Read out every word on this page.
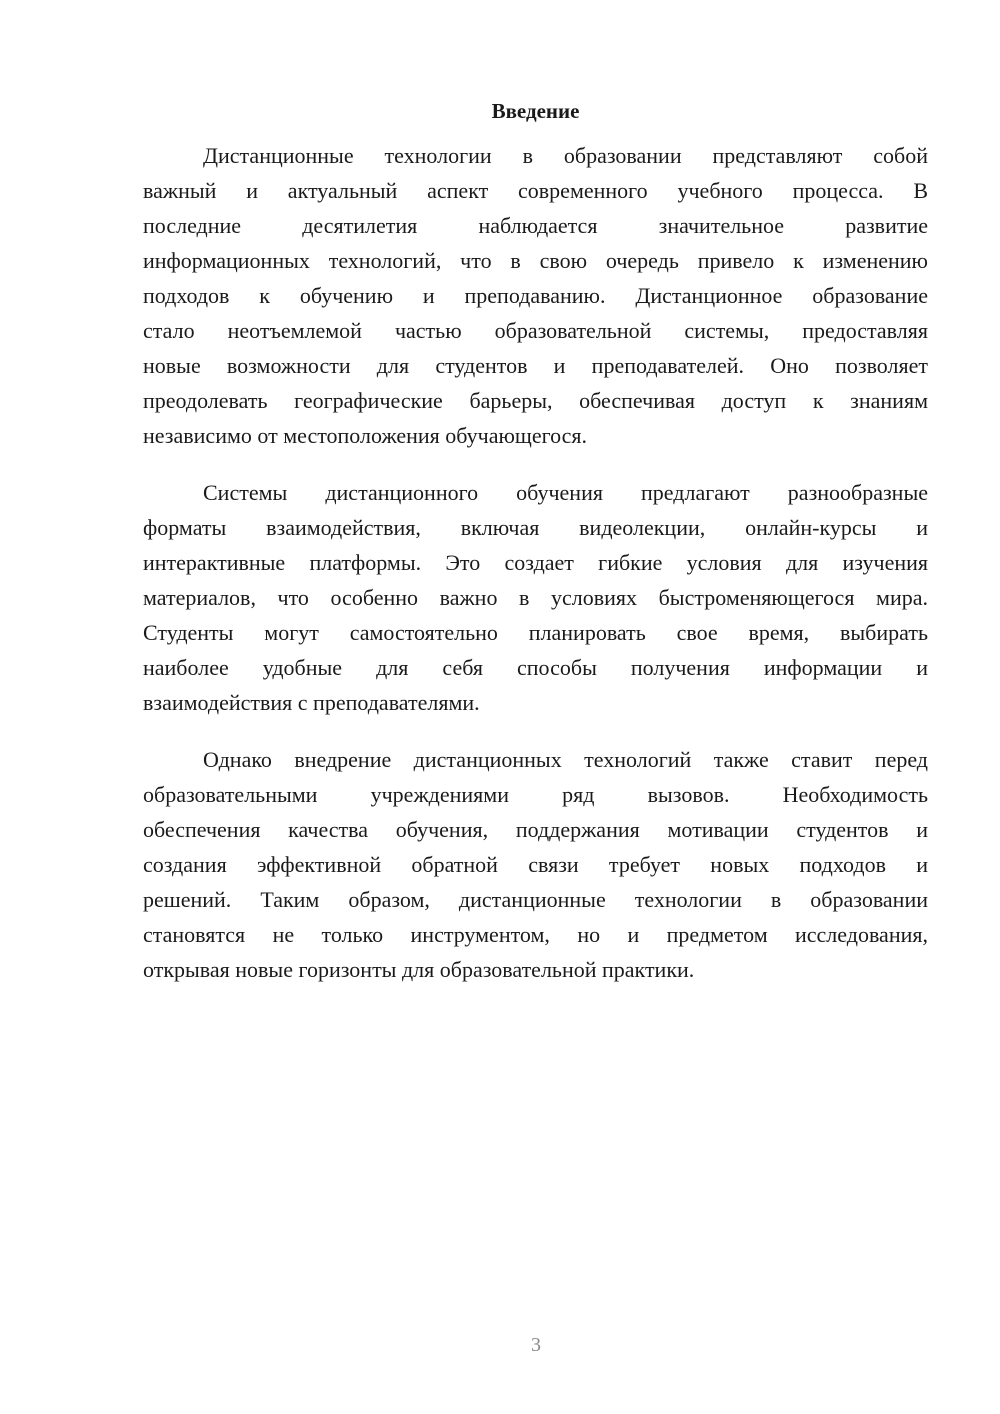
Введение

Дистанционные технологии в образовании представляют собой
важный и актуальный аспект современного учебного процесса. В
последние десятилетия наблюдается значительное развитие
информационных технологий, что в свою очередь привело к изменению
подходов к обучению и преподаванию. Дистанционное образование
стало неотъемлемой частью образовательной системы, предоставляя
новые возможности для студентов и преподавателей. Оно позволяет
преодолевать географические барьеры, обеспечивая доступ к знаниям
независимо от местоположения обучающегося.

Системы дистанционного обучения предлагают разнообразные
форматы взаимодействия, включая видеолекции, онлайн-курсы и
интерактивные платформы. Это создает гибкие условия для изучения
материалов, что особенно важно в условиях быстроменяющегося мира.
Студенты могут самостоятельно планировать свое время, выбирать
наиболее удобные для себя способы получения информации и
взаимодействия с преподавателями.

Однако внедрение дистанционных технологий также ставит перед
образовательными учреждениями ряд вызовов. Необходимость
обеспечения качества обучения, поддержания мотивации студентов и
создания эффективной обратной связи требует новых подходов и
решений. Таким образом, дистанционные технологии в образовании
становятся не только инструментом, но и предметом исследования,
открывая новые горизонты для образовательной практики.

3
